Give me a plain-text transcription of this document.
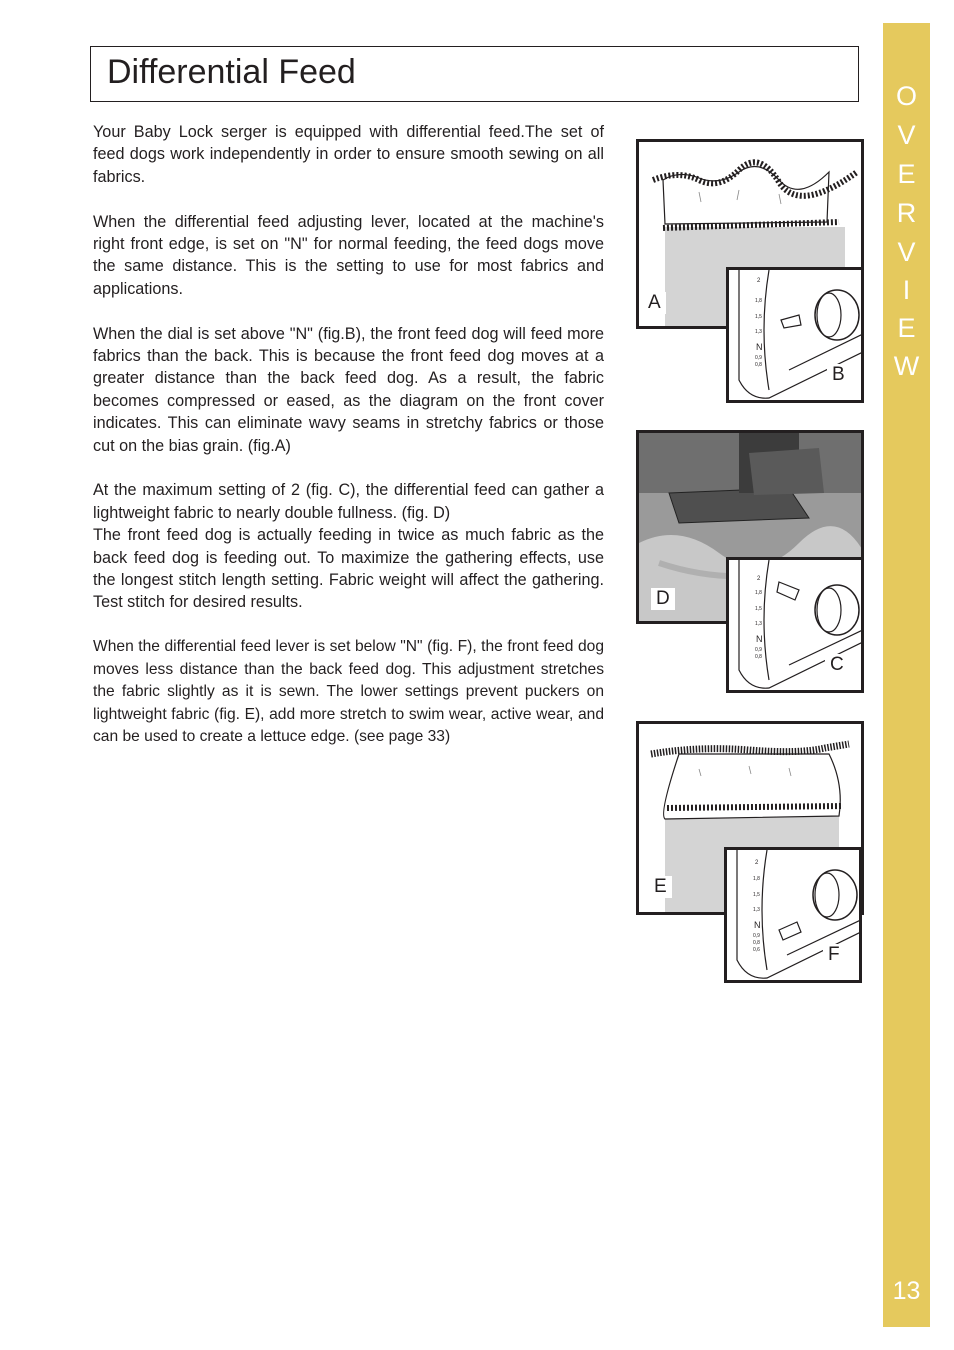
Differential Feed
O
V
E
R
V
I
E
W
13

Your Baby Lock serger is equipped with differential feed.The set of feed dogs work independently in order to ensure smooth sewing on all fabrics.

When the differential feed adjusting lever, located at the machine's right front edge, is set on "N" for normal feeding, the feed dogs move the same distance. This is the setting to use for most fabrics and applications.

When the dial is set above "N" (fig.B), the front feed dog will feed more fabrics than the back. This is because the front feed dog moves at a greater distance than the back feed dog. As a result, the fabric becomes compressed or eased, as the diagram on the front cover indicates. This can eliminate wavy seams in stretchy fabrics or those cut on the bias grain. (fig.A)

At the maximum setting of 2 (fig. C), the differential feed can gather a lightweight fabric to nearly double fullness. (fig. D)

The front feed dog is actually feeding in twice as much fabric as the back feed dog is feeding out. To maximize the gathering effects, use the longest stitch length setting. Fabric weight will affect the gathering. Test stitch for desired results.

When the differential feed lever is set below "N" (fig. F), the front feed dog moves less distance than the back feed dog. This adjustment stretches the fabric slightly as it is sewn. The lower settings prevent puckers on lightweight fabric (fig. E), add more stretch to swim wear, active wear, and can be used to create a lettuce edge. (see page 33)

A
2
1,8
1,5
1,3
N
0,9
0,8	B
D
2
1,8
1,5
1,3
N
0,9
0,8	C
E
2
1,8
1,5
1,3
N
0,9
0,8
0,6	F
